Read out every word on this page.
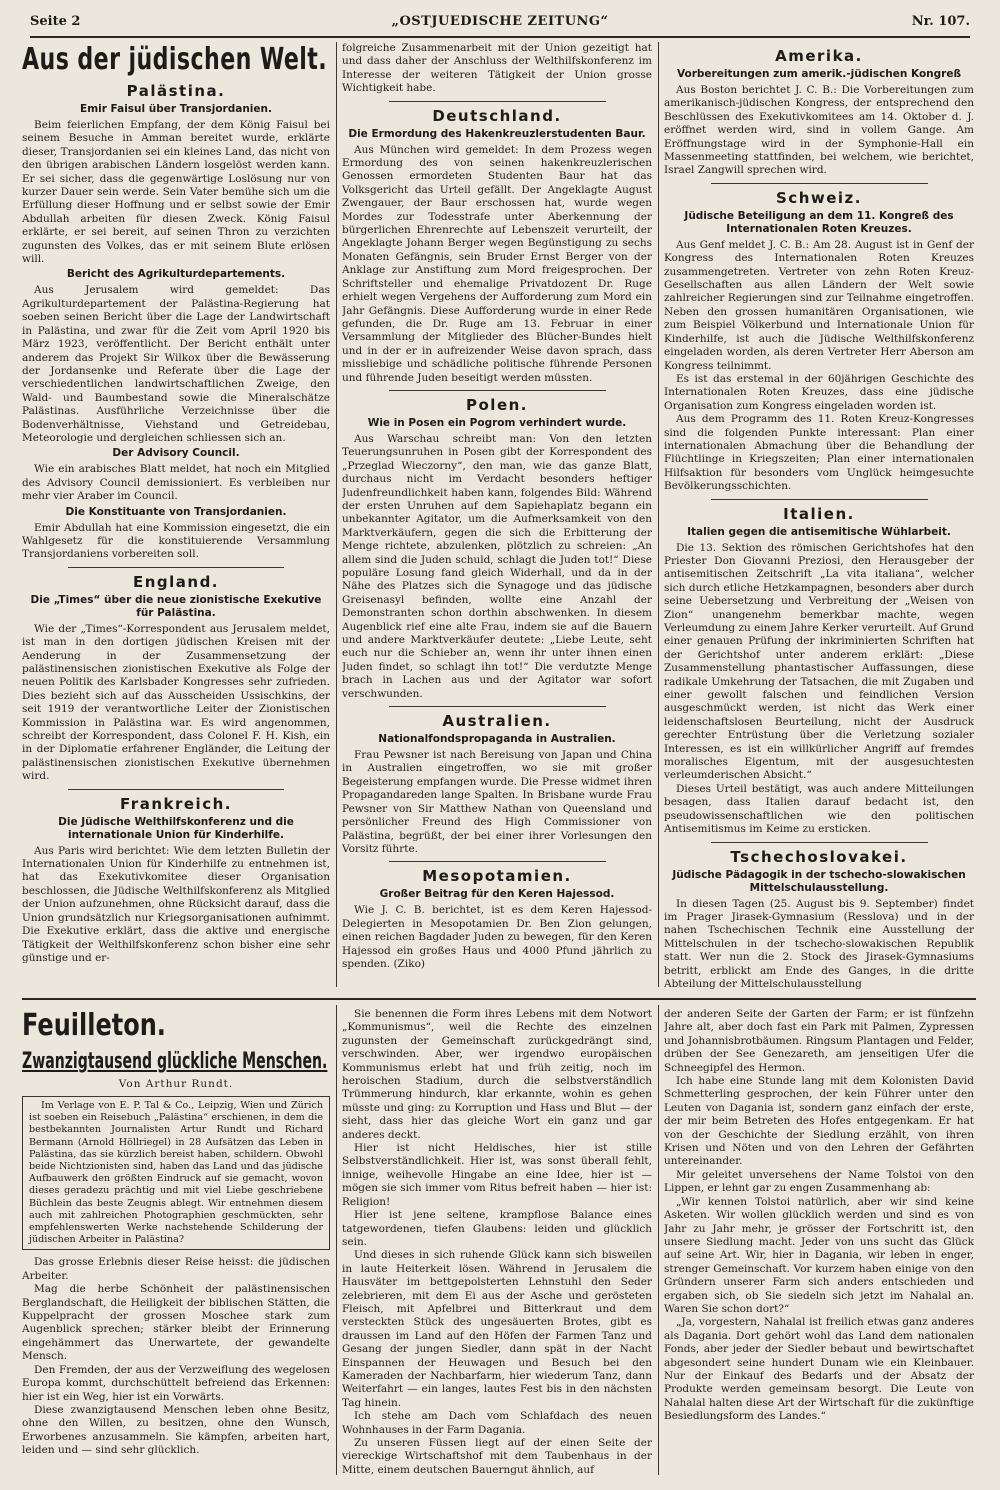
Seite 2	„OSTJUEDISCHE ZEITUNG“	Nr. 107.
Aus der jüdischen Welt.
Palästina.
Emir Faisul über Transjordanien.

Beim feierlichen Empfang, der dem König Faisul bei seinem Besuche in Amman bereitet wurde, erklärte dieser, Transjordanien sei ein kleines Land, das nicht von den übrigen arabischen Ländern losgelöst werden kann. Er sei sicher, dass die gegenwärtige Loslösung nur von kurzer Dauer sein werde. Sein Vater bemühe sich um die Erfüllung dieser Hoffnung und er selbst sowie der Emir Abdullah arbeiten für diesen Zweck. König Faisul erklärte, er sei bereit, auf seinen Thron zu verzichten zugunsten des Volkes, das er mit seinem Blute erlösen will.

Bericht des Agrikulturdepartements.

Aus Jerusalem wird gemeldet: Das Agrikulturdepartement der Palästina-Regierung hat soeben seinen Bericht über die Lage der Landwirtschaft in Palästina, und zwar für die Zeit vom April 1920 bis März 1923, veröffentlicht. Der Bericht enthält unter anderem das Projekt Sir Wilkox über die Bewässerung der Jordansenke und Referate über die Lage der verschiedentlichen landwirtschaftlichen Zweige, den Wald- und Baumbestand sowie die Mineralschätze Palästinas. Ausführliche Verzeichnisse über die Bodenverhältnisse, Viehstand und Getreidebau, Meteorologie und dergleichen schliessen sich an.

Der Advisory Council.

Wie ein arabisches Blatt meldet, hat noch ein Mitglied des Advisory Council demissioniert. Es verbleiben nur mehr vier Araber im Council.

Die Konstituante von Transjordanien.

Emir Abdullah hat eine Kommission eingesetzt, die ein Wahlgesetz für die konstituierende Versammlung Transjordaniens vorbereiten soll.

England.
Die „Times“ über die neue zionistische Exekutive für Palästina.

Wie der „Times“-Korrespondent aus Jerusalem meldet, ist man in den dortigen jüdischen Kreisen mit der Aenderung in der Zusammensetzung der palästinensischen zionistischen Exekutive als Folge der neuen Politik des Karlsbader Kongresses sehr zufrieden. Dies bezieht sich auf das Ausscheiden Ussischkins, der seit 1919 der verantwortliche Leiter der Zionistischen Kommission in Palästina war. Es wird angenommen, schreibt der Korrespondent, dass Colonel F. H. Kish, ein in der Diplomatie erfahrener Engländer, die Leitung der palästinensischen zionistischen Exekutive übernehmen wird.

Frankreich.
Die Jüdische Welthilfskonferenz und die internationale Union für Kinderhilfe.

Aus Paris wird berichtet: Wie dem letzten Bulletin der Internationalen Union für Kinderhilfe zu entnehmen ist, hat das Exekutivkomitee dieser Organisation beschlossen, die Jüdische Welthilfskonferenz als Mitglied der Union aufzunehmen, ohne Rücksicht darauf, dass die Union grundsätzlich nur Kriegsorganisationen aufnimmt. Die Exekutive erklärt, dass die aktive und energische Tätigkeit der Welthilfskonferenz schon bisher eine sehr günstige und er-

folgreiche Zusammenarbeit mit der Union gezeitigt hat und dass daher der Anschluss der Welthilfskonferenz im Interesse der weiteren Tätigkeit der Union grosse Wichtigkeit habe.

Deutschland.
Die Ermordung des Hakenkreuzlerstudenten Baur.

Aus München wird gemeldet: In dem Prozess wegen Ermordung des von seinen hakenkreuzlerischen Genossen ermordeten Studenten Baur hat das Volksgericht das Urteil gefällt. Der Angeklagte August Zwengauer, der Baur erschossen hat, wurde wegen Mordes zur Todesstrafe unter Aberkennung der bürgerlichen Ehrenrechte auf Lebenszeit verurteilt, der Angeklagte Johann Berger wegen Begünstigung zu sechs Monaten Gefängnis, sein Bruder Ernst Berger von der Anklage zur Anstiftung zum Mord freigesprochen. Der Schriftsteller und ehemalige Privatdozent Dr. Ruge erhielt wegen Vergehens der Aufforderung zum Mord ein Jahr Gefängnis. Diese Aufforderung wurde in einer Rede gefunden, die Dr. Ruge am 13. Februar in einer Versammlung der Mitglieder des Blücher-Bundes hielt und in der er in aufreizender Weise davon sprach, dass missliebige und schädliche politische führende Personen und führende Juden beseitigt werden müssten.

Polen.
Wie in Posen ein Pogrom verhindert wurde.

Aus Warschau schreibt man: Von den letzten Teuerungsunruhen in Posen gibt der Korrespondent des „Przeglad Wieczorny“, den man, wie das ganze Blatt, durchaus nicht im Verdacht besonders heftiger Judenfreundlichkeit haben kann, folgendes Bild: Während der ersten Unruhen auf dem Sapiehaplatz begann ein unbekannter Agitator, um die Aufmerksamkeit von den Marktverkäufern, gegen die sich die Erbitterung der Menge richtete, abzulenken, plötzlich zu schreien: „An allem sind die Juden schuld, schlagt die Juden tot!“ Diese populäre Losung fand gleich Widerhall, und da in der Nähe des Platzes sich die Synagoge und das jüdische Greisenasyl befinden, wollte eine Anzahl der Demonstranten schon dorthin abschwenken. In diesem Augenblick rief eine alte Frau, indem sie auf die Bauern und andere Marktverkäufer deutete: „Liebe Leute, seht euch nur die Schieber an, wenn ihr unter ihnen einen Juden findet, so schlagt ihn tot!“ Die verdutzte Menge brach in Lachen aus und der Agitator war sofort verschwunden.

Australien.
Nationalfondspropaganda in Australien.

Frau Pewsner ist nach Bereisung von Japan und China in Australien eingetroffen, wo sie mit großer Begeisterung empfangen wurde. Die Presse widmet ihren Propagandareden lange Spalten. In Brisbane wurde Frau Pewsner von Sir Matthew Nathan von Queensland und persönlicher Freund des High Commissioner von Palästina, begrüßt, der bei einer ihrer Vorlesungen den Vorsitz führte.

Mesopotamien.
Großer Beitrag für den Keren Hajessod.

Wie J. C. B. berichtet, ist es dem Keren Hajessod-Delegierten in Mesopotamien Dr. Ben Zion gelungen, einen reichen Bagdader Juden zu bewegen, für den Keren Hajessod ein großes Haus und 4000 Pfund jährlich zu spenden. (Ziko)

Amerika.
Vorbereitungen zum amerik.-jüdischen Kongreß

Aus Boston berichtet J. C. B.: Die Vorbereitungen zum amerikanisch-jüdischen Kongress, der entsprechend den Beschlüssen des Exekutivkomitees am 14. Oktober d. J. eröffnet werden wird, sind in vollem Gange. Am Eröffnungstage wird in der Symphonie-Hall ein Massenmeeting stattfinden, bei welchem, wie berichtet, Israel Zangwill sprechen wird.

Schweiz.
Jüdische Beteiligung an dem 11. Kongreß des Internationalen Roten Kreuzes.

Aus Genf meldet J. C. B.: Am 28. August ist in Genf der Kongress des Internationalen Roten Kreuzes zusammengetreten. Vertreter von zehn Roten Kreuz-Gesellschaften aus allen Ländern der Welt sowie zahlreicher Regierungen sind zur Teilnahme eingetroffen. Neben den grossen humanitären Organisationen, wie zum Beispiel Völkerbund und Internationale Union für Kinderhilfe, ist auch die Jüdische Welthilfskonferenz eingeladen worden, als deren Vertreter Herr Aberson am Kongress teilnimmt.

Es ist das erstemal in der 60jährigen Geschichte des Internationalen Roten Kreuzes, dass eine jüdische Organisation zum Kongress eingeladen worden ist.

Aus dem Programm des 11. Roten Kreuz-Kongresses sind die folgenden Punkte interessant: Plan einer internationalen Abmachung über die Behandlung der Flüchtlinge in Kriegszeiten; Plan einer internationalen Hilfsaktion für besonders vom Unglück heimgesuchte Bevölkerungsschichten.

Italien.
Italien gegen die antisemitische Wühlarbeit.

Die 13. Sektion des römischen Gerichtshofes hat den Priester Don Giovanni Preziosi, den Herausgeber der antisemitischen Zeitschrift „La vita italiana“, welcher sich durch etliche Hetzkampagnen, besonders aber durch seine Uebersetzung und Verbreitung der „Weisen von Zion“ unangenehm bemerkbar machte, wegen Verleumdung zu einem Jahre Kerker verurteilt. Auf Grund einer genauen Prüfung der inkriminierten Schriften hat der Gerichtshof unter anderem erklärt: „Diese Zusammenstellung phantastischer Auffassungen, diese radikale Umkehrung der Tatsachen, die mit Zugaben und einer gewollt falschen und feindlichen Version ausgeschmückt werden, ist nicht das Werk einer leidenschaftslosen Beurteilung, nicht der Ausdruck gerechter Entrüstung über die Verletzung sozialer Interessen, es ist ein willkürlicher Angriff auf fremdes moralisches Eigentum, mit der ausgesuchtesten verleumderischen Absicht.“

Dieses Urteil bestätigt, was auch andere Mitteilungen besagen, dass Italien darauf bedacht ist, den pseudowissenschaftlichen wie den politischen Antisemitismus im Keime zu ersticken.

Tschechoslovakei.
Jüdische Pädagogik in der tschecho-slowakischen Mittelschulausstellung.

In diesen Tagen (25. August bis 9. September) findet im Prager Jirasek-Gymnasium (Resslova) und in der nahen Tschechischen Technik eine Ausstellung der Mittelschulen in der tschecho-slowakischen Republik statt. Wer nun die 2. Stock des Jirasek-Gymnasiums betritt, erblickt am Ende des Ganges, in die dritte Abteilung der Mittelschulausstellung

Feuilleton.
Zwanzigtausend glückliche Menschen.
Von Arthur Rundt.

Im Verlage von E. P. Tal & Co., Leipzig, Wien und Zürich ist soeben ein Reisebuch „Palästina“ erschienen, in dem die bestbekannten Journalisten Artur Rundt und Richard Bermann (Arnold Höllriegel) in 28 Aufsätzen das Leben in Palästina, das sie kürzlich bereist haben, schildern. Obwohl beide Nichtzionisten sind, haben das Land und das jüdische Aufbauwerk den größten Eindruck auf sie gemacht, wovon dieses geradezu prächtig und mit viel Liebe geschriebene Büchlein das beste Zeugnis ablegt. Wir entnehmen diesem auch mit zahlreichen Photographien geschmückten, sehr empfehlenswerten Werke nachstehende Schilderung der jüdischen Arbeiter in Palästina?

Das grosse Erlebnis dieser Reise heisst: die jüdischen Arbeiter.

Mag die herbe Schönheit der palästinensischen Berglandschaft, die Heiligkeit der biblischen Stätten, die Kuppelpracht der grossen Moschee stark zum Augenblick sprechen; stärker bleibt der Erinnerung eingehämmert das Unerwartete, der gewandelte Mensch.

Den Fremden, der aus der Verzweiflung des wegelosen Europa kommt, durchschüttelt befreiend das Erkennen: hier ist ein Weg, hier ist ein Vorwärts.

Diese zwanzigtausend Menschen leben ohne Besitz, ohne den Willen, zu besitzen, ohne den Wunsch, Erworbenes anzusammeln. Sie kämpfen, arbeiten hart, leiden und — sind sehr glücklich.

Sie benennen die Form ihres Lebens mit dem Notwort „Kommunismus“, weil die Rechte des einzelnen zugunsten der Gemeinschaft zurückgedrängt sind, verschwinden. Aber, wer irgendwo europäischen Kommunismus erlebt hat und früh zeitig, noch im heroischen Stadium, durch die selbstverständlich Trümmerung hindurch, klar erkannte, wohin es gehen müsste und ging: zu Korruption und Hass und Blut — der sieht, dass hier das gleiche Wort ein ganz und gar anderes deckt.

Hier ist nicht Heldisches, hier ist stille Selbstverständlichkeit. Hier ist, was sonst überall fehlt, innige, weihevolle Hingabe an eine Idee, hier ist — mögen sie sich immer vom Ritus befreit haben — hier ist: Religion!

Hier ist jene seltene, krampflose Balance eines tatgewordenen, tiefen Glaubens: leiden und glücklich sein.

Und dieses in sich ruhende Glück kann sich bisweilen in laute Heiterkeit lösen. Während in Jerusalem die Hausväter im bettgepolsterten Lehnstuhl den Seder zelebrieren, mit dem Ei aus der Asche und gerösteten Fleisch, mit Apfelbrei und Bitterkraut und dem versteckten Stück des ungesäuerten Brotes, gibt es draussen im Land auf den Höfen der Farmen Tanz und Gesang der jungen Siedler, dann spät in der Nacht Einspannen der Heuwagen und Besuch bei den Kameraden der Nachbarfarm, hier wiederum Tanz, dann Weiterfahrt — ein langes, lautes Fest bis in den nächsten Tag hinein.

Ich stehe am Dach vom Schlafdach des neuen Wohnhauses in der Farm Dagania.

Zu unseren Füssen liegt auf der einen Seite der viereckige Wirtschaftshof mit dem Taubenhaus in der Mitte, einem deutschen Bauerngut ähnlich, auf

der anderen Seite der Garten der Farm; er ist fünfzehn Jahre alt, aber doch fast ein Park mit Palmen, Zypressen und Johannisbrotbäumen. Ringsum Plantagen und Felder, drüben der See Genezareth, am jenseitigen Ufer die Schneegipfel des Hermon.

Ich habe eine Stunde lang mit dem Kolonisten David Schmetterling gesprochen, der kein Führer unter den Leuten von Dagania ist, sondern ganz einfach der erste, der mir beim Betreten des Hofes entgegenkam. Er hat von der Geschichte der Siedlung erzählt, von ihren Krisen und Nöten und von den Lehren der Gefährten untereinander.

Mir geleitet unversehens der Name Tolstoi von den Lippen, er lehnt gar zu engen Zusammenhang ab:

„Wir kennen Tolstoi natürlich, aber wir sind keine Asketen. Wir wollen glücklich werden und sind es von Jahr zu Jahr mehr, je grösser der Fortschritt ist, den unsere Siedlung macht. Jeder von uns sucht das Glück auf seine Art. Wir, hier in Dagania, wir leben in enger, strenger Gemeinschaft. Vor kurzem haben einige von den Gründern unserer Farm sich anders entschieden und ergaben sich, ob Sie siedeln sich jetzt im Nahalal an. Waren Sie schon dort?“

„Ja, vorgestern, Nahalal ist freilich etwas ganz anderes als Dagania. Dort gehört wohl das Land dem nationalen Fonds, aber jeder der Siedler bebaut und bewirtschaftet abgesondert seine hundert Dunam wie ein Kleinbauer. Nur der Einkauf des Bedarfs und der Absatz der Produkte werden gemeinsam besorgt. Die Leute von Nahalal halten diese Art der Wirtschaft für die zukünftige Besiedlungsform des Landes.“
